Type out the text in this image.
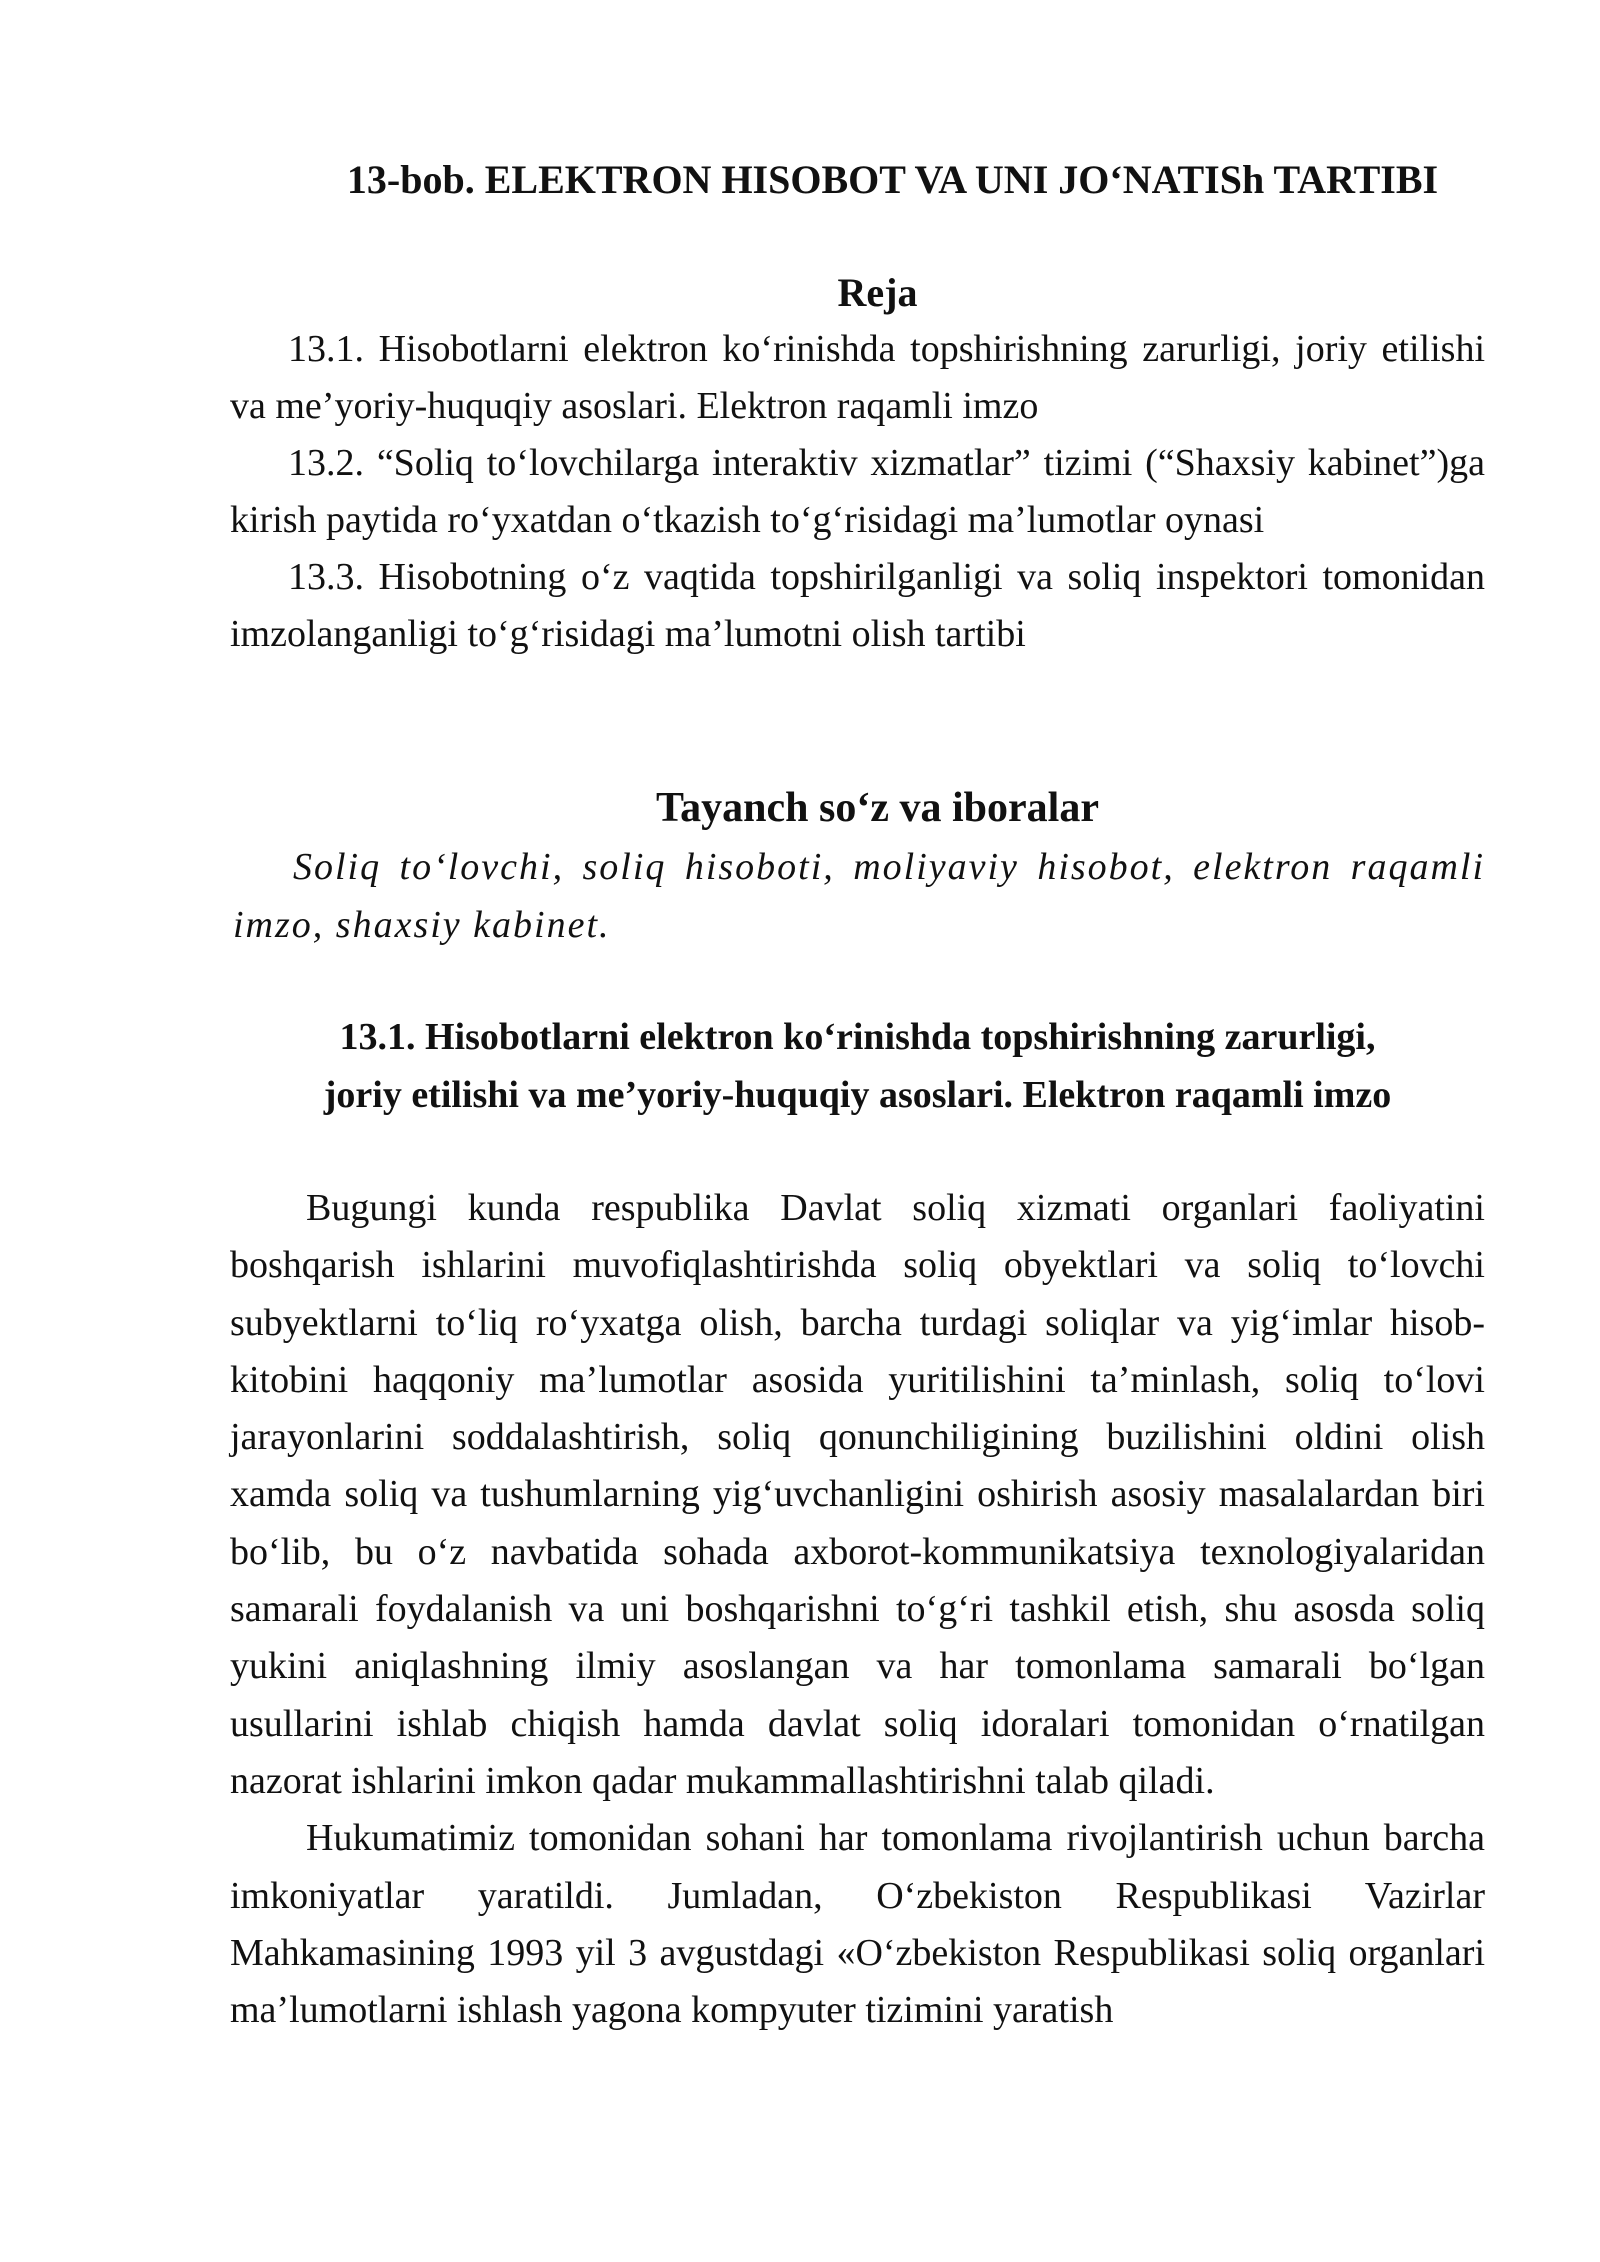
13-bob. ELEKTRON HISOBOT VA UNI JO‘NATISh TARTIBI
Reja

13.1. Hisobotlarni elektron ko‘rinishda topshirishning zarurligi, joriy etilishi va me’yoriy-huquqiy asoslari. Elektron raqamli imzo

13.2. “Soliq to‘lovchilarga interaktiv xizmatlar” tizimi (“Shaxsiy kabinet”)ga kirish paytida ro‘yxatdan o‘tkazish to‘g‘risidagi ma’lumotlar oynasi

13.3. Hisobotning o‘z vaqtida topshirilganligi va soliq inspektori tomonidan imzolanganligi to‘g‘risidagi ma’lumotni olish tartibi

Tayanch so‘z va iboralar

Soliq to‘lovchi, soliq hisoboti, moliyaviy hisobot, elektron raqamli imzo, shaxsiy kabinet.

13.1. Hisobotlarni elektron ko‘rinishda topshirishning zarurligi,
joriy etilishi va me’yoriy-huquqiy asoslari. Elektron raqamli imzo

Bugungi kunda respublika Davlat soliq xizmati organlari faoliyatini boshqarish ishlarini muvofiqlashtirishda soliq obyektlari va soliq to‘lovchi subyektlarni to‘liq ro‘yxatga olish, barcha turdagi soliqlar va yig‘imlar hisob-kitobini haqqoniy ma’lumotlar asosida yuritilishini ta’minlash, soliq to‘lovi jarayonlarini soddalashtirish, soliq qonunchiligining buzilishini oldini olish xamda soliq va tushumlarning yig‘uvchanligini oshirish asosiy masalalardan biri bo‘lib, bu o‘z navbatida sohada axborot-kommunikatsiya texnologiyalaridan samarali foydalanish va uni boshqarishni to‘g‘ri tashkil etish, shu asosda soliq yukini aniqlashning ilmiy asoslangan va har tomonlama samarali bo‘lgan usullarini ishlab chiqish hamda davlat soliq idoralari tomonidan o‘rnatilgan nazorat ishlarini imkon qadar mukammallashtirishni talab qiladi.

Hukumatimiz tomonidan sohani har tomonlama rivojlantirish uchun barcha imkoniyatlar yaratildi. Jumladan, O‘zbekiston Respublikasi Vazirlar Mahkamasining 1993 yil 3 avgustdagi «O‘zbekiston Respublikasi soliq organlari ma’lumotlarni ishlash yagona kompyuter tizimini yaratish
